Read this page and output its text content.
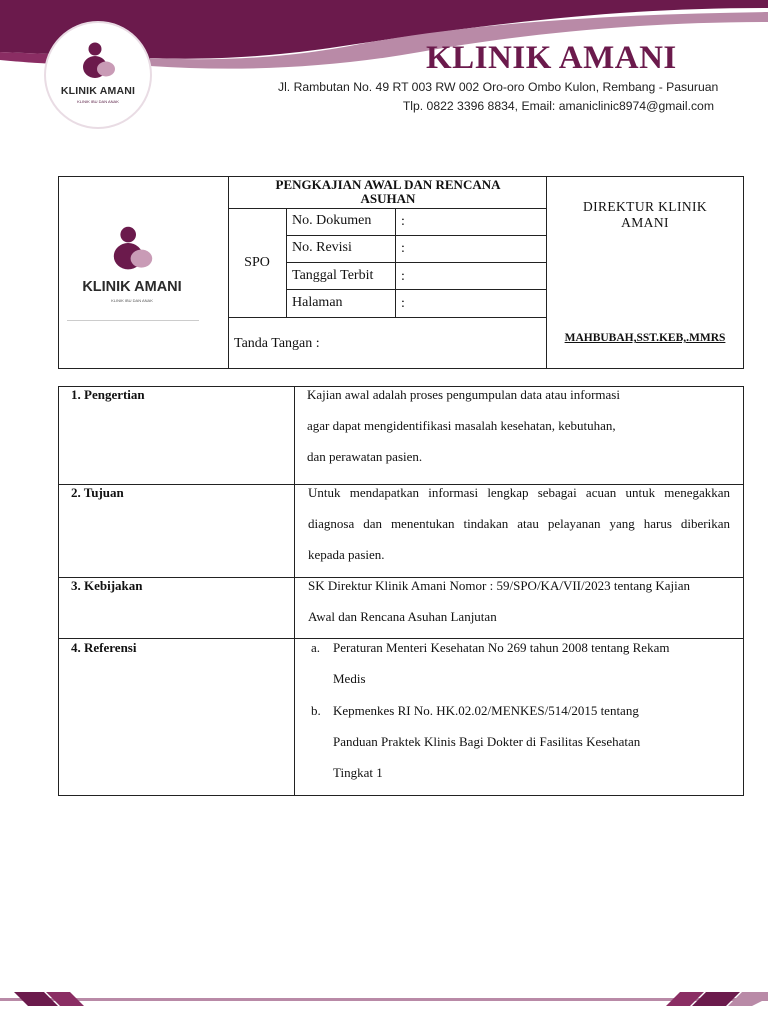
KLINIK AMANI
KLINIK IBU DAN ANAK
KLINIK AMANI
Jl. Rambutan No. 49 RT 003 RW 002 Oro-oro Ombo Kulon, Rembang - Pasuruan
Tlp. 0822 3396 8834, Email: amaniclinic8974@gmail.com
KLINIK AMANI
KLINIK IBU DAN ANAK
PENGKAJIAN AWAL DAN RENCANA
ASUHAN
SPO
No. Dokumen :
No. Revisi	:
Tanggal Terbit :
Halaman	:
Tanda Tangan :
DIREKTUR KLINIK
AMANI
MAHBUBAH,SST.KEB,.MMRS
1. Pengertian	Kajian awal adalah proses pengumpulan data atau informasi
agar dapat mengidentifikasi masalah kesehatan, kebutuhan,
dan perawatan pasien.
2. Tujuan	Untuk mendapatkan informasi lengkap sebagai acuan untuk menegakkan
diagnosa dan menentukan tindakan atau pelayanan yang harus diberikan
kepada pasien.
3. Kebijakan	SK Direktur Klinik Amani Nomor : 59/SPO/KA/VII/2023 tentang Kajian
Awal dan Rencana Asuhan Lanjutan
4. Referensi	a. Peraturan Menteri Kesehatan No 269 tahun 2008 tentang Rekam
Medis
b. Kepmenkes RI No. HK.02.02/MENKES/514/2015 tentang
Panduan Praktek Klinis Bagi Dokter di Fasilitas Kesehatan
Tingkat 1
